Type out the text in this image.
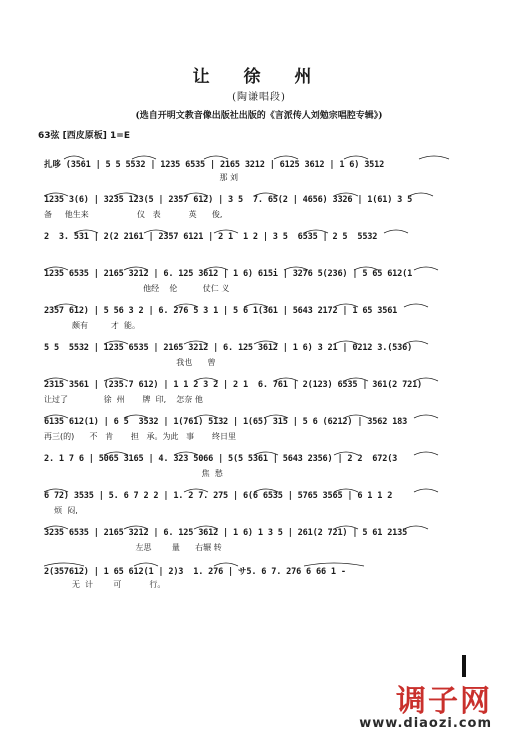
让 徐 州
(陶谦唱段)
(选自开明文教音像出版社出版的《言派传人刘勉宗唱腔专辑》)
63弦 [西皮原板] 1=E
扎哆 (3561 | 5 5 5532 | 1235 6535 | 2165 3212 | 6125 3612 | 1 6) 3512
那 刘
1235 3(6) | 3235 123(5 | 2357 612) | 3 5  7. 65(2 | 4656) 3326 | 1(61) 3 5
备     他生来                   仪   表           英      俊,
2  3. 531 | 2(2 2161 | 2357 6121 | 2 1  1 2 | 3 5  6535 | 2 5  5532
1235 6535 | 2165 3212 | 6. 125 3612 | 1 6) 615i | 3276 5(236) | 5 65 612(1
他经    伦          仗仁 义
2357 612) | 5 56 3 2 | 6. 276 5 3 1 | 5 6 1(361 | 5643 2172 | 1 65 3561
颇有         才  能。
5 5  5532 | 1235 6535 | 2165 3212 | 6. 125 3612 | 1 6) 3 21 | 0212 3.(536)
我也      曾
2315 3561 | (235.7 612) | 1 1 2 3 2 | 2 1  6. 761 | 2(123) 6535 | 361(2 721)
让过了              徐  州       牌  印,    怎奈 他
6135 612(1) | 6 5  3532 | 1(761) 5132 | 1(65) 315 | 5 6 (6212) | 3562 183
再三(的)      不   肯       担   承。为此   事       终日里
2. 1 7 6 | 5065 3165 | 4. 323 5066 | 5(5 5361 | 5643 2356) | 2 2  672(3
焦  愁
6 72) 3535 | 5. 6 7 2 2 | 1. 2 7. 275 | 6(6 6535 | 5765 3565 | 6 1 1 2
烦  闷,
3235 6535 | 2165 3212 | 6. 125 3612 | 1 6) 1 3 5 | 261(2 721) | 5 61 2135
左思        量      右辗 转
2(357612) | 1 65 612(1 | 2)3  1. 276 | サ5. 6 7. 276 6 66 1 -
无  计        可           行。
调子网
www.diaozi.com
